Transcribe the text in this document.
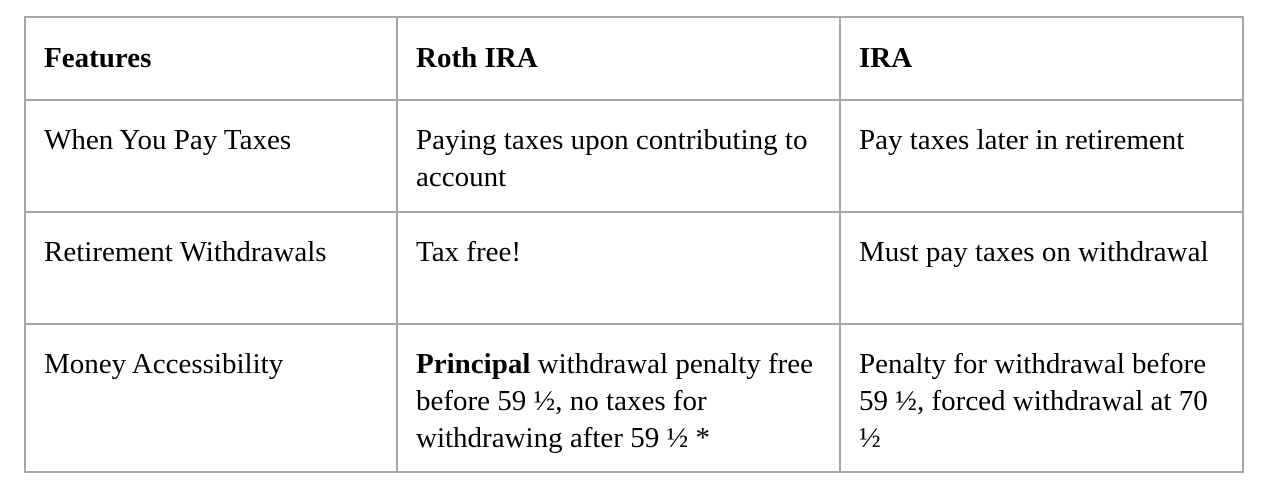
Features	Roth IRA	IRA
When You Pay Taxes	Paying taxes upon contributing to account	Pay taxes later in retirement
Retirement Withdrawals	Tax free!	Must pay taxes on withdrawal
Money Accessibility	Principal withdrawal penalty free before 59 ½, no taxes for withdrawing after 59 ½ *	Penalty for withdrawal before 59 ½, forced withdrawal at 70 ½
